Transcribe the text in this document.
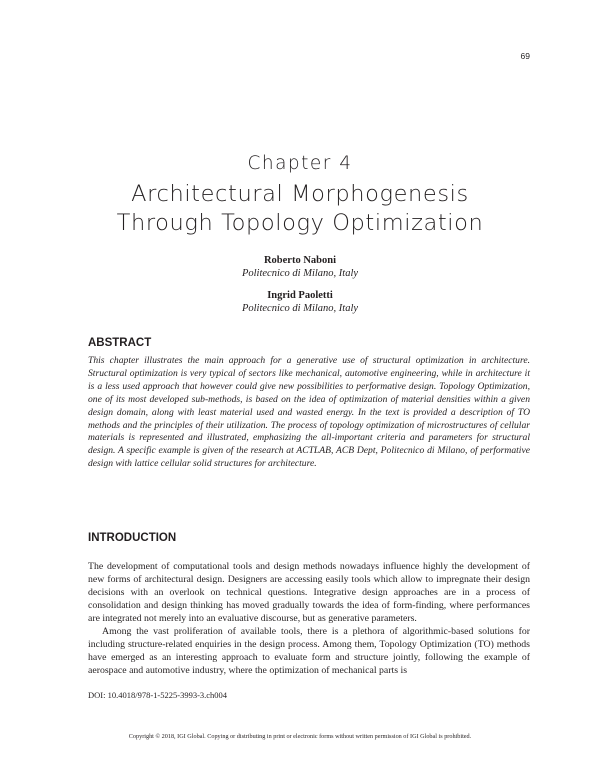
69
Chapter 4
Architectural Morphogenesis
Through Topology Optimization
Roberto Naboni
Politecnico di Milano, Italy
Ingrid Paoletti
Politecnico di Milano, Italy
ABSTRACT

This chapter illustrates the main approach for a generative use of structural optimization in architecture. Structural optimization is very typical of sectors like mechanical, automotive engineering, while in architecture it is a less used approach that however could give new possibilities to performative design. Topology Optimization, one of its most developed sub-methods, is based on the idea of optimization of material densities within a given design domain, along with least material used and wasted energy. In the text is provided a description of TO methods and the principles of their utilization. The process of topology optimization of microstructures of cellular materials is represented and illustrated, emphasizing the all-important criteria and parameters for structural design. A specific example is given of the research at ACTLAB, ACB Dept, Politecnico di Milano, of performative design with lattice cellular solid structures for architecture.

INTRODUCTION

The development of computational tools and design methods nowadays influence highly the development of new forms of architectural design. Designers are accessing easily tools which allow to impregnate their design decisions with an overlook on technical questions. Integrative design approaches are in a process of consolidation and design thinking has moved gradually towards the idea of form-finding, where performances are integrated not merely into an evaluative discourse, but as generative parameters.

Among the vast proliferation of available tools, there is a plethora of algorithmic-based solutions for including structure-related enquiries in the design process. Among them, Topology Optimization (TO) methods have emerged as an interesting approach to evaluate form and structure jointly, following the example of aerospace and automotive industry, where the optimization of mechanical parts is

DOI: 10.4018/978-1-5225-3993-3.ch004
Copyright © 2018, IGI Global. Copying or distributing in print or electronic forms without written permission of IGI Global is prohibited.
